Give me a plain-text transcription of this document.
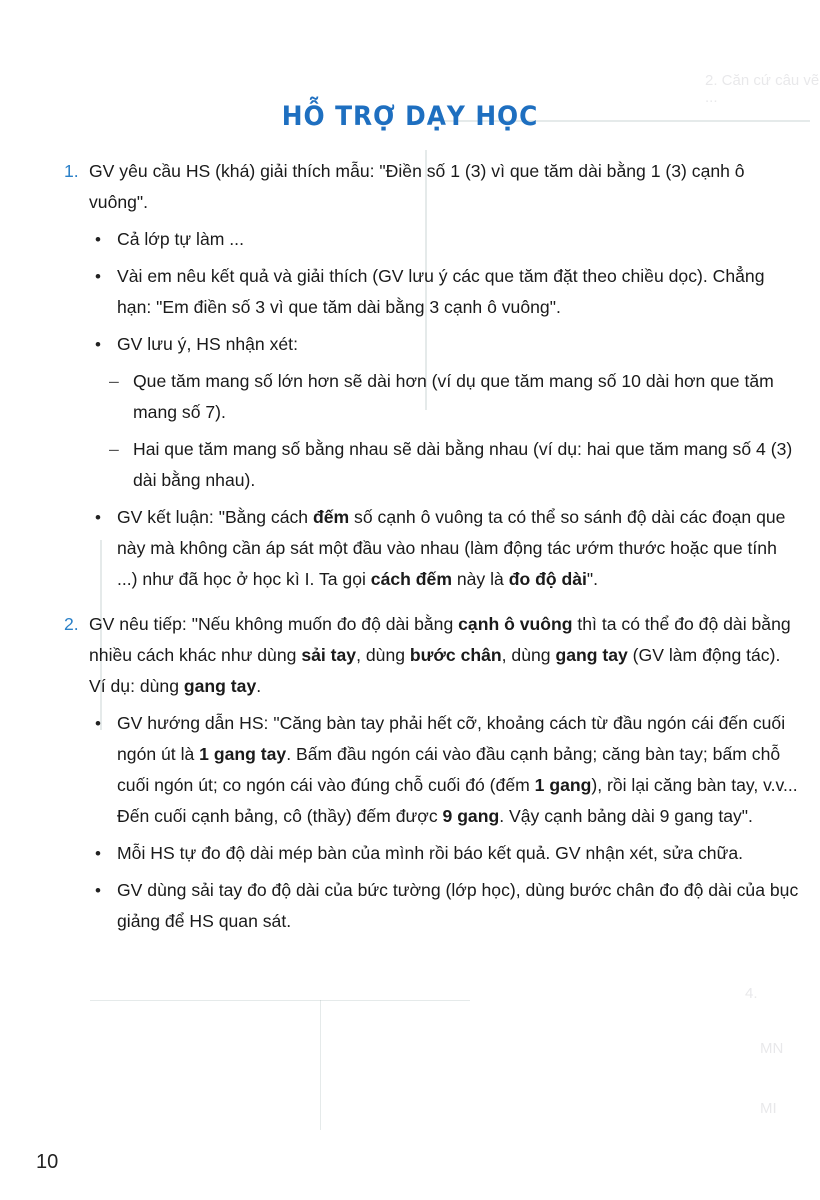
2. Căn cứ câu vẽ ...
4.
MN
MI
HỖ TRỢ DẠY HỌC
1. GV yêu cầu HS (khá) giải thích mẫu: "Điền số 1 (3) vì que tăm dài bằng 1 (3) cạnh ô vuông".
• Cả lớp tự làm ...
• Vài em nêu kết quả và giải thích (GV lưu ý các que tăm đặt theo chiều dọc). Chẳng hạn: "Em điền số 3 vì que tăm dài bằng 3 cạnh ô vuông".
• GV lưu ý, HS nhận xét:
– Que tăm mang số lớn hơn sẽ dài hơn (ví dụ que tăm mang số 10 dài hơn que tăm mang số 7).
– Hai que tăm mang số bằng nhau sẽ dài bằng nhau (ví dụ: hai que tăm mang số 4 (3) dài bằng nhau).
• GV kết luận: "Bằng cách đếm số cạnh ô vuông ta có thể so sánh độ dài các đoạn que này mà không cần áp sát một đầu vào nhau (làm động tác ướm thước hoặc que tính ...) như đã học ở học kì I. Ta gọi cách đếm này là đo độ dài".
2. GV nêu tiếp: "Nếu không muốn đo độ dài bằng cạnh ô vuông thì ta có thể đo độ dài bằng nhiều cách khác như dùng sải tay, dùng bước chân, dùng gang tay (GV làm động tác). Ví dụ: dùng gang tay.
• GV hướng dẫn HS: "Căng bàn tay phải hết cỡ, khoảng cách từ đầu ngón cái đến cuối ngón út là 1 gang tay. Bấm đầu ngón cái vào đầu cạnh bảng; căng bàn tay; bấm chỗ cuối ngón út; co ngón cái vào đúng chỗ cuối đó (đếm 1 gang), rồi lại căng bàn tay, v.v... Đến cuối cạnh bảng, cô (thầy) đếm được 9 gang. Vậy cạnh bảng dài 9 gang tay".
• Mỗi HS tự đo độ dài mép bàn của mình rồi báo kết quả. GV nhận xét, sửa chữa.
• GV dùng sải tay đo độ dài của bức tường (lớp học), dùng bước chân đo độ dài của bục giảng để HS quan sát.
10
